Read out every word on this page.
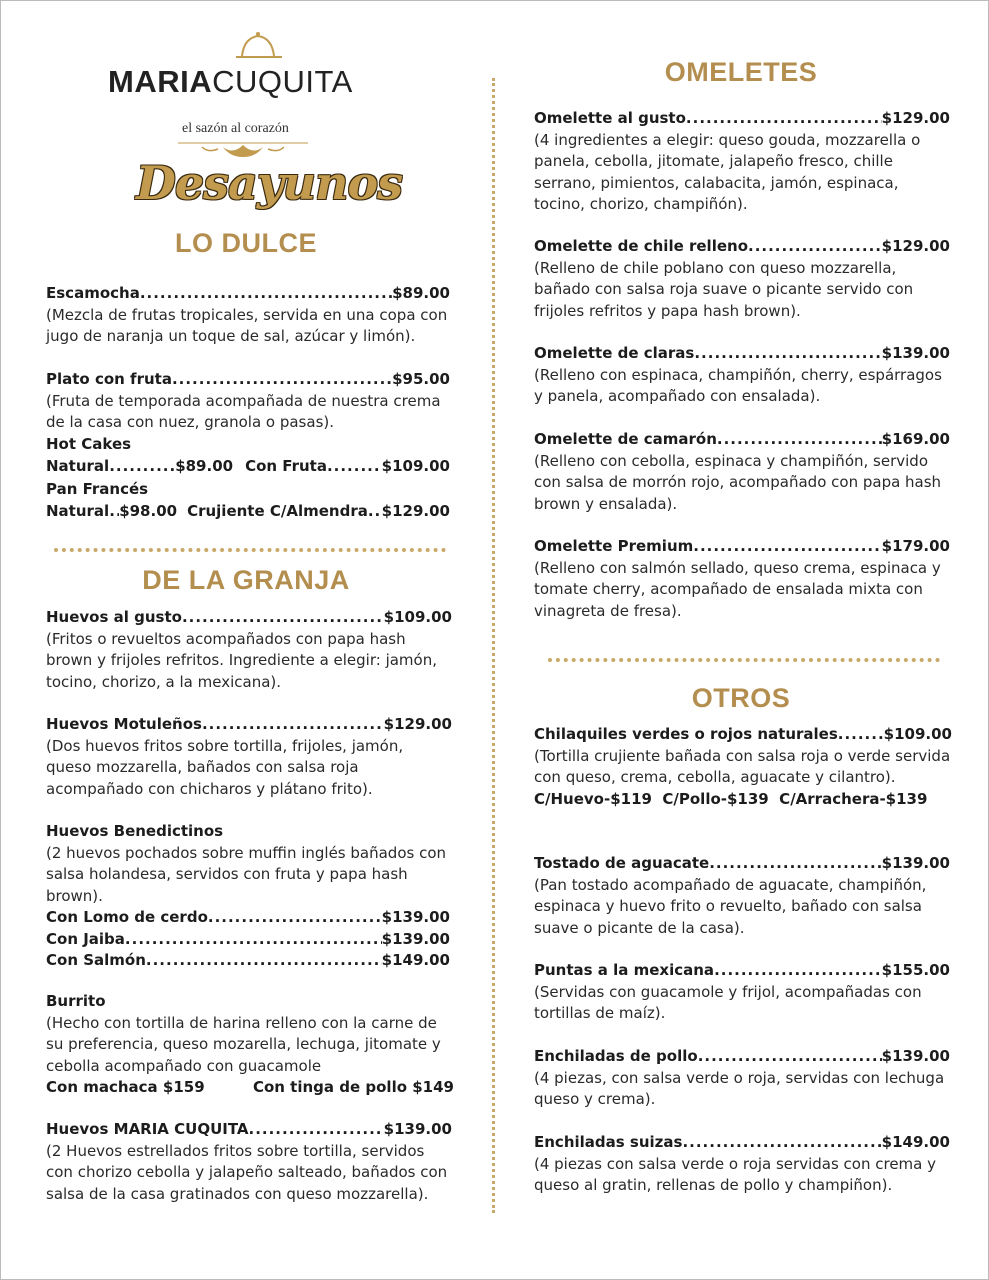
MARIACUQUITA
el sazón al corazón
Desayunos
LO DULCE
Escamocha .....	$89.00
(Mezcla de frutas tropicales, servida en una copa con jugo de naranja un toque de sal, azúcar y limón).
Plato con fruta .....	$95.00
(Fruta de temporada acompañada de nuestra crema de la casa con nuez, granola o pasas).
Hot Cakes
Natural .....	$89.00 Con Fruta .....	$109.00
Pan Francés
Natural ..... $98.00 Crujiente C/Almendra ..... $129.00
DE LA GRANJA
Huevos al gusto .....	$109.00
(Fritos o revueltos acompañados con papa hash brown y frijoles refritos. Ingrediente a elegir: jamón, tocino, chorizo, a la mexicana).
Huevos Motuleños .....	$129.00
(Dos huevos fritos sobre tortilla, frijoles, jamón, queso mozzarella, bañados con salsa roja acompañado con chicharos y plátano frito).
Huevos Benedictinos
(2 huevos pochados sobre muffin inglés bañados con salsa holandesa, servidos con fruta y papa hash brown).
Con Lomo de cerdo .....	$139.00
Con Jaiba .....	$139.00
Con Salmón .....	$149.00
Burrito
(Hecho con tortilla de harina relleno con la carne de su preferencia, queso mozarella, lechuga, jitomate y cebolla acompañado con guacamole
Con machaca $159	Con tinga de pollo $149
Huevos MARIA CUQUITA .....	$139.00
(2 Huevos estrellados fritos sobre tortilla, servidos con chorizo cebolla y jalapeño salteado, bañados con salsa de la casa gratinados con queso mozzarella).
OMELETES
Omelette al gusto .....	$129.00
(4 ingredientes a elegir: queso gouda, mozzarella o panela, cebolla, jitomate, jalapeño fresco, chille serrano, pimientos, calabacita, jamón, espinaca, tocino, chorizo, champiñón).
Omelette de chile relleno .....	$129.00
(Relleno de chile poblano con queso mozzarella, bañado con salsa roja suave o picante servido con frijoles refritos y papa hash brown).
Omelette de claras .....	$139.00
(Relleno con espinaca, champiñón, cherry, espárragos y panela, acompañado con ensalada).
Omelette de camarón .....	$169.00
(Relleno con cebolla, espinaca y champiñón, servido con salsa de morrón rojo, acompañado con papa hash brown y ensalada).
Omelette Premium .....	$179.00
(Relleno con salmón sellado, queso crema, espinaca y tomate cherry, acompañado de ensalada mixta con vinagreta de fresa).
OTROS
Chilaquiles verdes o rojos naturales .....	$109.00
(Tortilla crujiente bañada con salsa roja o verde servida con queso, crema, cebolla, aguacate y cilantro).
C/Huevo-$119  C/Pollo-$139  C/Arrachera-$139
Tostado de aguacate .....	$139.00
(Pan tostado acompañado de aguacate, champiñón, espinaca y huevo frito o revuelto, bañado con salsa suave o picante de la casa).
Puntas a la mexicana .....	$155.00
(Servidas con guacamole y frijol, acompañadas con tortillas de maíz).
Enchiladas de pollo .....	$139.00
(4 piezas, con salsa verde o roja, servidas con lechuga queso y crema).
Enchiladas suizas .....	$149.00
(4 piezas con salsa verde o roja servidas con crema y queso al gratin, rellenas de pollo y champiñon).
